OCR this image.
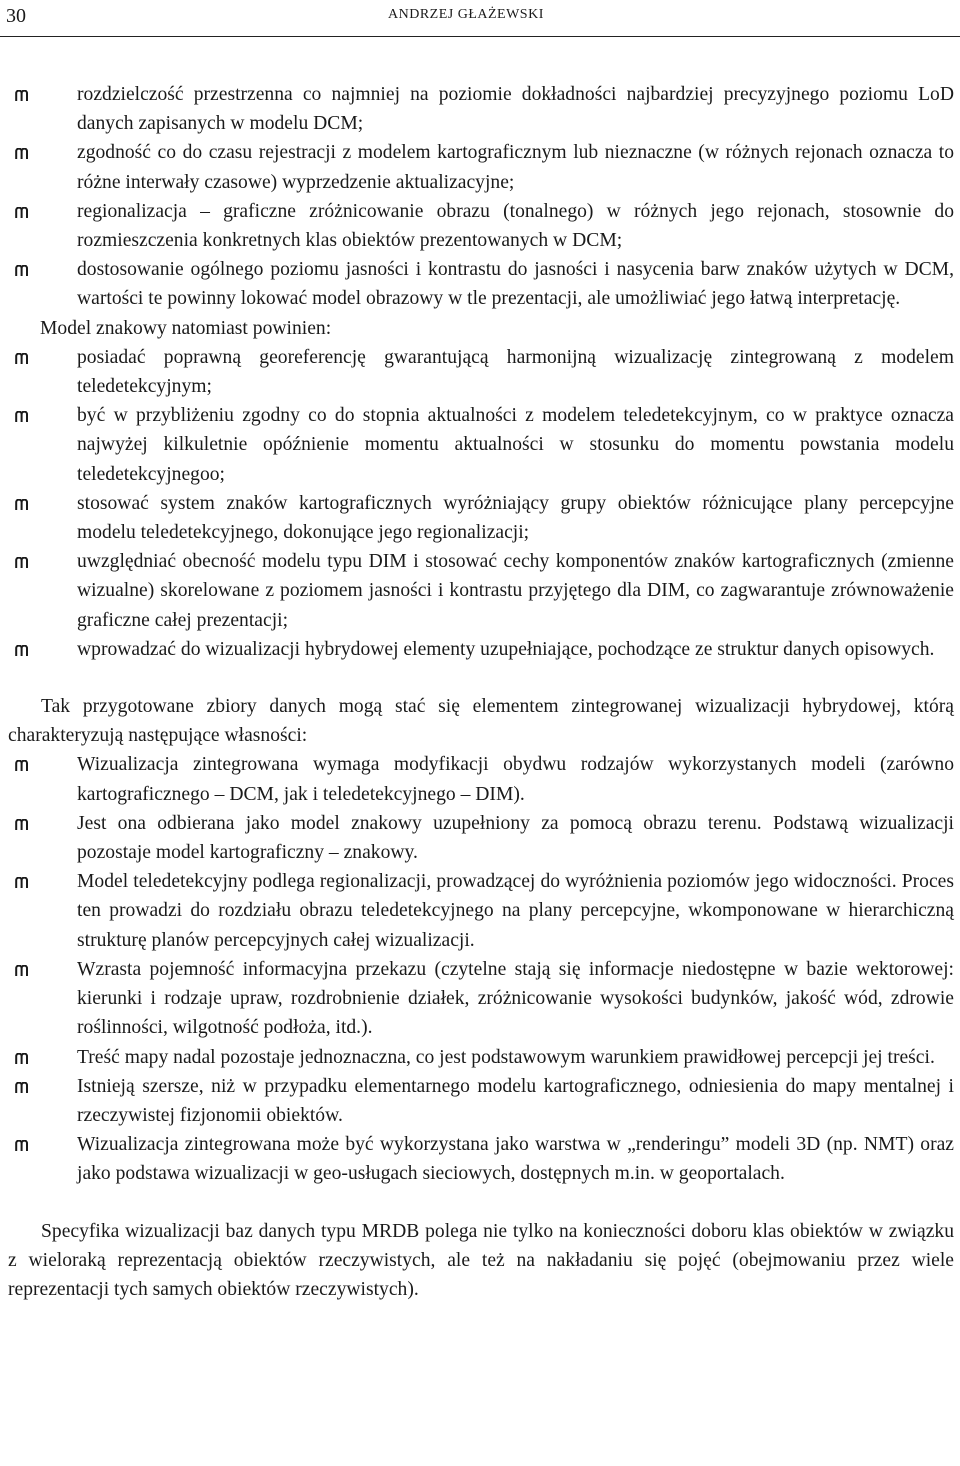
30	ANDRZEJ GŁAŻEWSKI
rozdzielczość przestrzenna co najmniej na poziomie dokładności najbardziej precyzyjnego poziomu LoD danych zapisanych w modelu DCM;
zgodność co do czasu rejestracji z modelem kartograficznym lub nieznaczne (w różnych rejonach oznacza to różne interwały czasowe) wyprzedzenie aktualizacyjne;
regionalizacja – graficzne zróżnicowanie obrazu (tonalnego) w różnych jego rejonach, stosownie do rozmieszczenia konkretnych klas obiektów prezentowanych w DCM;
dostosowanie ogólnego poziomu jasności i kontrastu do jasności i nasycenia barw znaków użytych w DCM, wartości te powinny lokować model obrazowy w tle prezentacji, ale umożliwiać jego łatwą interpretację.

Model znakowy natomiast powinien:

posiadać poprawną georeferencję gwarantującą harmonijną wizualizację zintegrowaną z modelem teledetekcyjnym;
być w przybliżeniu zgodny co do stopnia aktualności z modelem teledetekcyjnym, co w praktyce oznacza najwyżej kilkuletnie opóźnienie momentu aktualności w stosunku do momentu powstania modelu teledetekcyjnegoo;
stosować system znaków kartograficznych wyróżniający grupy obiektów różnicujące plany percepcyjne modelu teledetekcyjnego, dokonujące jego regionalizacji;
uwzględniać obecność modelu typu DIM i stosować cechy komponentów znaków kartograficznych (zmienne wizualne) skorelowane z poziomem jasności i kontrastu przyjętego dla DIM, co zagwarantuje zrównoważenie graficzne całej prezentacji;
wprowadzać do wizualizacji hybrydowej elementy uzupełniające, pochodzące ze struktur danych opisowych.

Tak przygotowane zbiory danych mogą stać się elementem zintegrowanej wizualizacji hybrydowej, którą charakteryzują następujące własności:

Wizualizacja zintegrowana wymaga modyfikacji obydwu rodzajów wykorzystanych modeli (zarówno kartograficznego – DCM, jak i teledetekcyjnego – DIM).
Jest ona odbierana jako model znakowy uzupełniony za pomocą obrazu terenu. Podstawą wizualizacji pozostaje model kartograficzny – znakowy.
Model teledetekcyjny podlega regionalizacji, prowadzącej do wyróżnienia poziomów jego widoczności. Proces ten prowadzi do rozdziału obrazu teledetekcyjnego na plany percepcyjne, wkomponowane w hierarchiczną strukturę planów percepcyjnych całej wizualizacji.
Wzrasta pojemność informacyjna przekazu (czytelne stają się informacje niedostępne w bazie wektorowej: kierunki i rodzaje upraw, rozdrobnienie działek, zróżnicowanie wysokości budynków, jakość wód, zdrowie roślinności, wilgotność podłoża, itd.).
Treść mapy nadal pozostaje jednoznaczna, co jest podstawowym warunkiem prawidłowej percepcji jej treści.
Istnieją szersze, niż w przypadku elementarnego modelu kartograficznego, odniesienia do mapy mentalnej i rzeczywistej fizjonomii obiektów.
Wizualizacja zintegrowana może być wykorzystana jako warstwa w „renderingu” modeli 3D (np. NMT) oraz jako podstawa wizualizacji w geo-usługach sieciowych, dostępnych m.in. w geoportalach.

Specyfika wizualizacji baz danych typu MRDB polega nie tylko na konieczności doboru klas obiektów w związku z wieloraką reprezentacją obiektów rzeczywistych, ale też na nakładaniu się pojęć (obejmowaniu przez wiele reprezentacji tych samych obiektów rzeczywistych).
